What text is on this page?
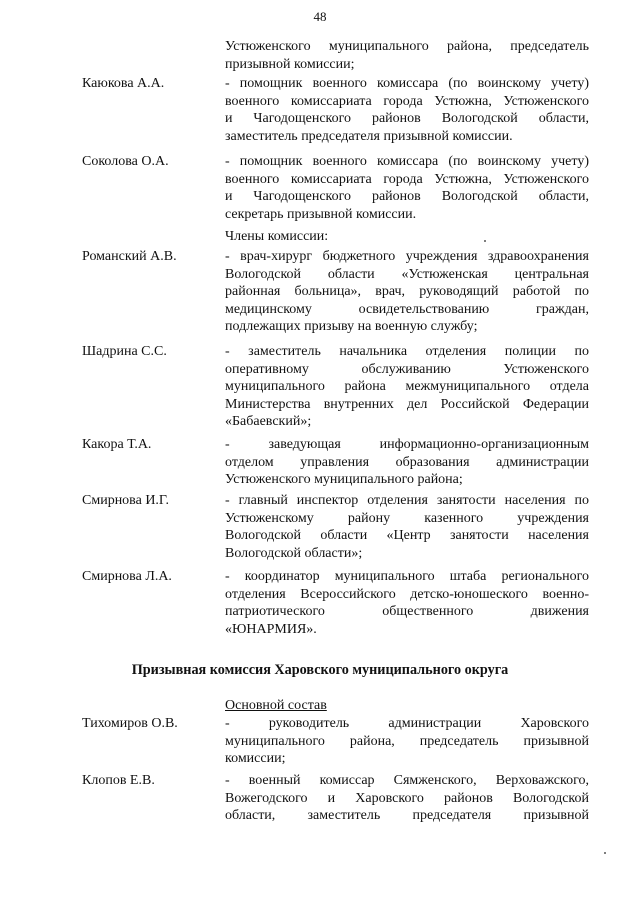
48
Устюженского муниципального района, председатель
призывной комиссии;
Каюкова А.А.	- помощник военного комиссара (по воинскому учету)
военного комиссариата города Устюжна, Устюженского
и Чагодощенского районов Вологодской области,
заместитель председателя призывной комиссии.
Соколова О.А.	- помощник военного комиссара (по воинскому учету)
военного комиссариата города Устюжна, Устюженского
и Чагодощенского районов Вологодской области,
секретарь призывной комиссии.
Члены комиссии:
Романский А.В.	- врач-хирург бюджетного учреждения здравоохранения
Вологодской области «Устюженская центральная
районная больница», врач, руководящий работой по
медицинскому освидетельствованию граждан,
подлежащих призыву на военную службу;
Шадрина С.С.	- заместитель начальника отделения полиции по
оперативному обслуживанию Устюженского
муниципального района межмуниципального отдела
Министерства внутренних дел Российской Федерации
«Бабаевский»;
Какора Т.А.	- заведующая информационно-организационным
отделом управления образования администрации
Устюженского муниципального района;
Смирнова И.Г.	- главный инспектор отделения занятости населения по
Устюженскому району казенного учреждения
Вологодской области «Центр занятости населения
Вологодской области»;
Смирнова Л.А.	- координатор муниципального штаба регионального
отделения Всероссийского детско-юношеского военно-
патриотического общественного движения
«ЮНАРМИЯ».
Призывная комиссия Харовского муниципального округа
Основной состав
Тихомиров О.В.	- руководитель администрации Харовского
муниципального района, председатель призывной
комиссии;
Клопов Е.В.	- военный комиссар Сямженского, Верховажского,
Вожегодского и Харовского районов Вологодской
области, заместитель председателя призывной
